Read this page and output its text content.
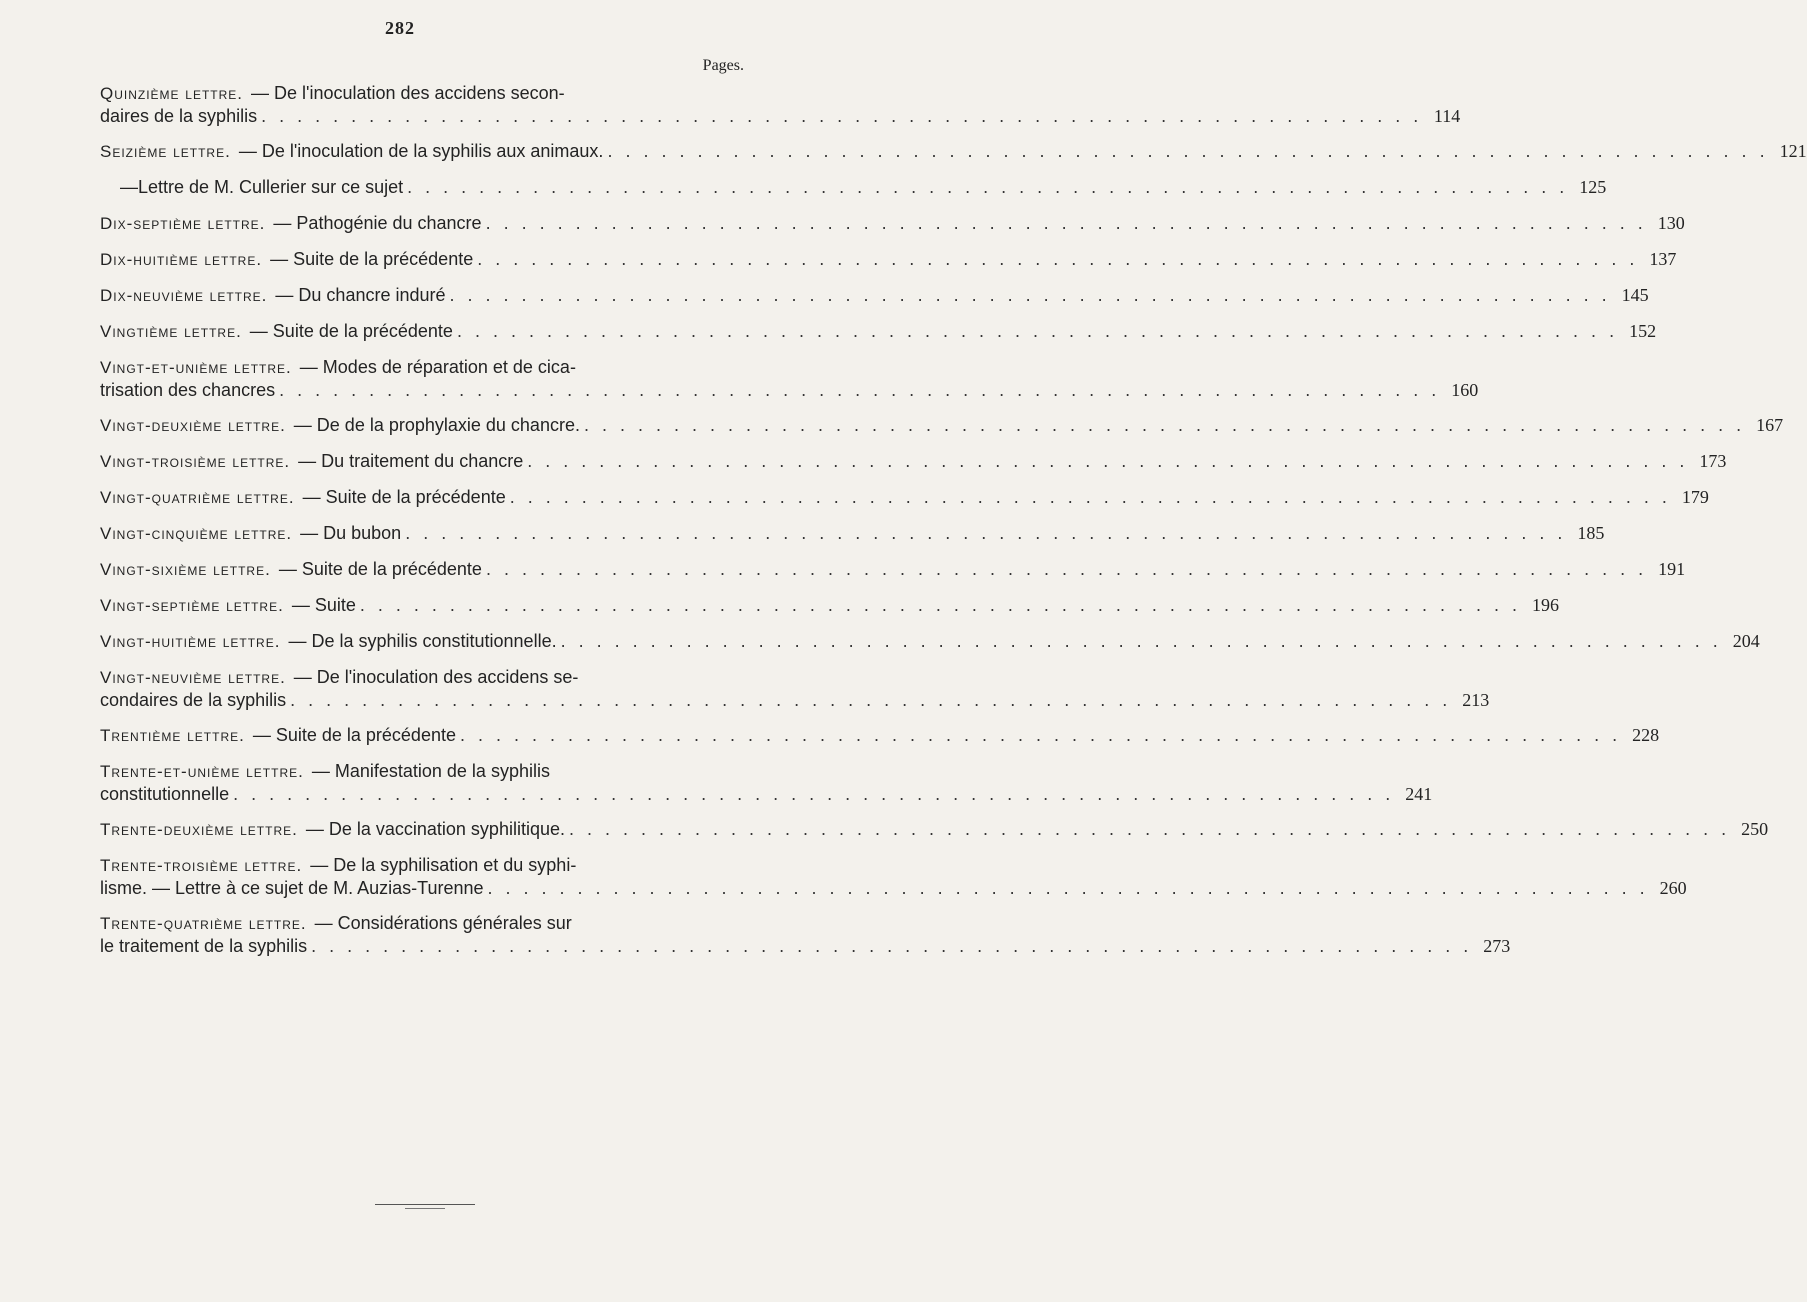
282
Pages.
Quinzième lettre. — De l'inoculation des accidens secon-
daires de la syphilis . . .	114
Seizième lettre. — De l'inoculation de la syphilis aux animaux. . . .	121
— Lettre de M. Cullerier sur ce sujet . . .	125
Dix-septième lettre. — Pathogénie du chancre . . .	130
Dix-huitième lettre. — Suite de la précédente . . .	137
Dix-neuvième lettre. — Du chancre induré . . .	145
Vingtième lettre. — Suite de la précédente . . .	152
Vingt-et-unième lettre. — Modes de réparation et de cica-
trisation des chancres . . .	160
Vingt-deuxième lettre. — De de la prophylaxie du chancre. . . .	167
Vingt-troisième lettre. — Du traitement du chancre . . .	173
Vingt-quatrième lettre. — Suite de la précédente . . .	179
Vingt-cinquième lettre. — Du bubon . . .	185
Vingt-sixième lettre. — Suite de la précédente . . .	191
Vingt-septième lettre. — Suite . . .	196
Vingt-huitième lettre. — De la syphilis constitutionnelle. . . .	204
Vingt-neuvième lettre. — De l'inoculation des accidens se-
condaires de la syphilis . . .	213
Trentième lettre. — Suite de la précédente . . .	228
Trente-et-unième lettre. — Manifestation de la syphilis
constitutionnelle . . .	241
Trente-deuxième lettre. — De la vaccination syphilitique. . . .	250
Trente-troisième lettre. — De la syphilisation et du syphi-
lisme. — Lettre à ce sujet de M. Auzias-Turenne . . .	260
Trente-quatrième lettre. — Considérations générales sur
le traitement de la syphilis . . .	273
